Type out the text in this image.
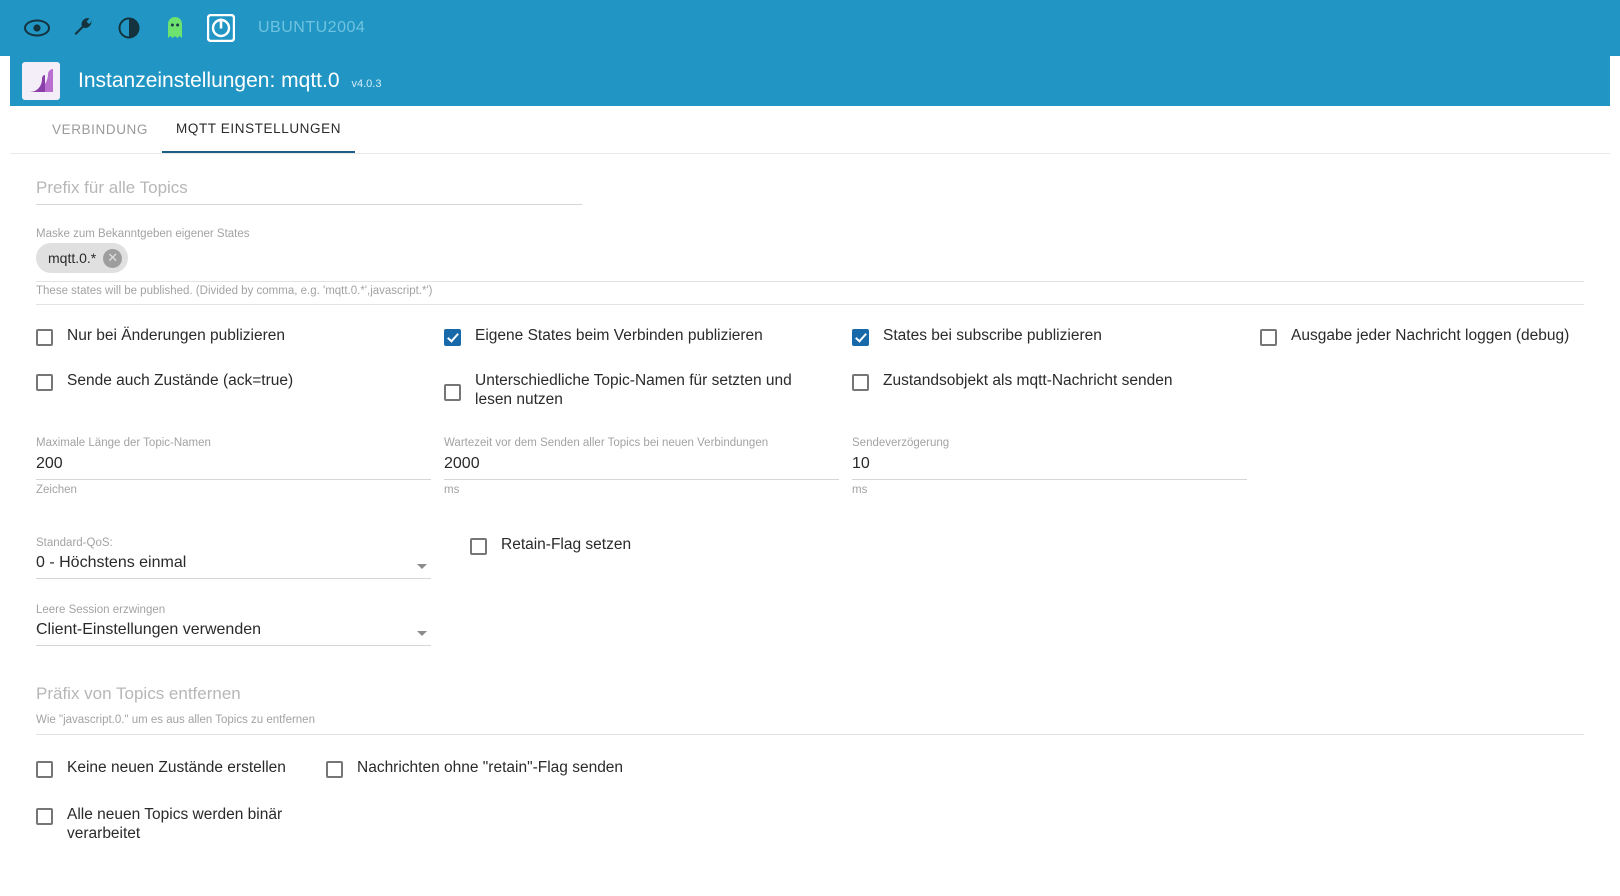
UBUNTU2004
Instanzeinstellungen: mqtt.0 v4.0.3
VERBINDUNG	MQTT EINSTELLUNGEN
Prefix für alle Topics
Maske zum Bekanntgeben eigener States
mqtt.0.* ✕
These states will be published. (Divided by comma, e.g. 'mqtt.0.*',javascript.*')
Nur bei Änderungen publizieren	Eigene States beim Verbinden publizieren	States bei subscribe publizieren	Ausgabe jeder Nachricht loggen (debug)
Sende auch Zustände (ack=true)	Unterschiedliche Topic-Namen für setzten und lesen nutzen
Zustandsobjekt als mqtt-Nachricht senden
Maximale Länge der Topic-Namen
200
Zeichen
Wartezeit vor dem Senden aller Topics bei neuen Verbindungen
2000
ms
Sendeverzögerung
10
ms
Standard-QoS:
0 - Höchstens einmal
Leere Session erzwingen
Client-Einstellungen verwenden
Retain-Flag setzen
Präfix von Topics entfernen
Wie "javascript.0." um es aus allen Topics zu entfernen
Keine neuen Zustände erstellen	Nachrichten ohne "retain"-Flag senden
Alle neuen Topics werden binär verarbeitet
